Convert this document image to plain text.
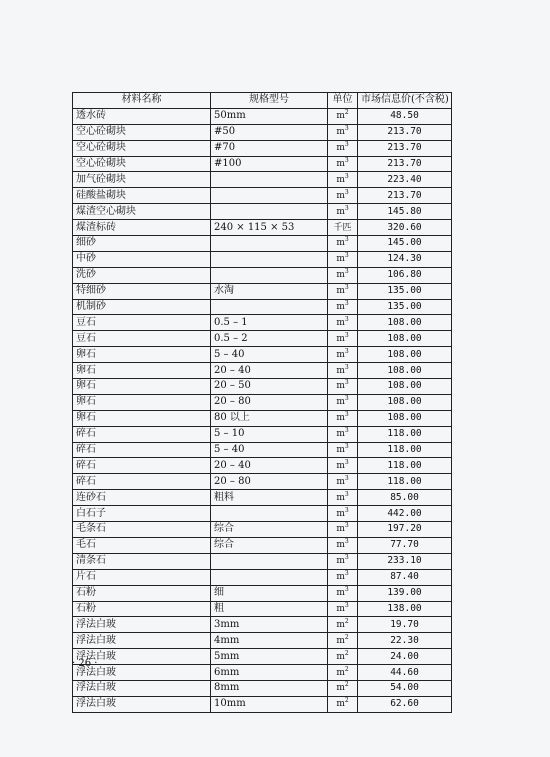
材料名称	规格型号	单位	市场信息价(不含税)
透水砖	50mm	$m^2$	48.50
空心砼砌块	#50	$m^3$	213.70
空心砼砌块	#70	$m^3$	213.70
空心砼砌块	#100	$m^3$	213.70
加气砼砌块		$m^3$	223.40
硅酸盐砌块		$m^3$	213.70
煤渣空心砌块		$m^3$	145.80
煤渣标砖	240 × 115 × 53	千匹	320.60
细砂		$m^3$	145.00
中砂		$m^3$	124.30
洗砂		$m^3$	106.80
特细砂	水淘	$m^3$	135.00
机制砂		$m^3$	135.00
豆石	0.5 – 1	$m^3$	108.00
豆石	0.5 – 2	$m^3$	108.00
卵石	5 – 40	$m^3$	108.00
卵石	20 – 40	$m^3$	108.00
卵石	20 – 50	$m^3$	108.00
卵石	20 – 80	$m^3$	108.00
卵石	80 以上	$m^3$	108.00
碎石	5 – 10	$m^3$	118.00
碎石	5 – 40	$m^3$	118.00
碎石	20 – 40	$m^3$	118.00
碎石	20 – 80	$m^3$	118.00
连砂石	粗料	$m^3$	85.00
白石子		$m^3$	442.00
毛条石	综合	$m^3$	197.20
毛石	综合	$m^3$	77.70
清条石		$m^3$	233.10
片石		$m^3$	87.40
石粉	细	$m^3$	139.00
石粉	粗	$m^3$	138.00
浮法白玻	3mm	$m^2$	19.70
浮法白玻	4mm	$m^2$	22.30
浮法白玻	5mm	$m^2$	24.00
浮法白玻	6mm	$m^2$	44.60
浮法白玻	8mm	$m^2$	54.00
浮法白玻	10mm	$m^2$	62.60
· 26 ·
